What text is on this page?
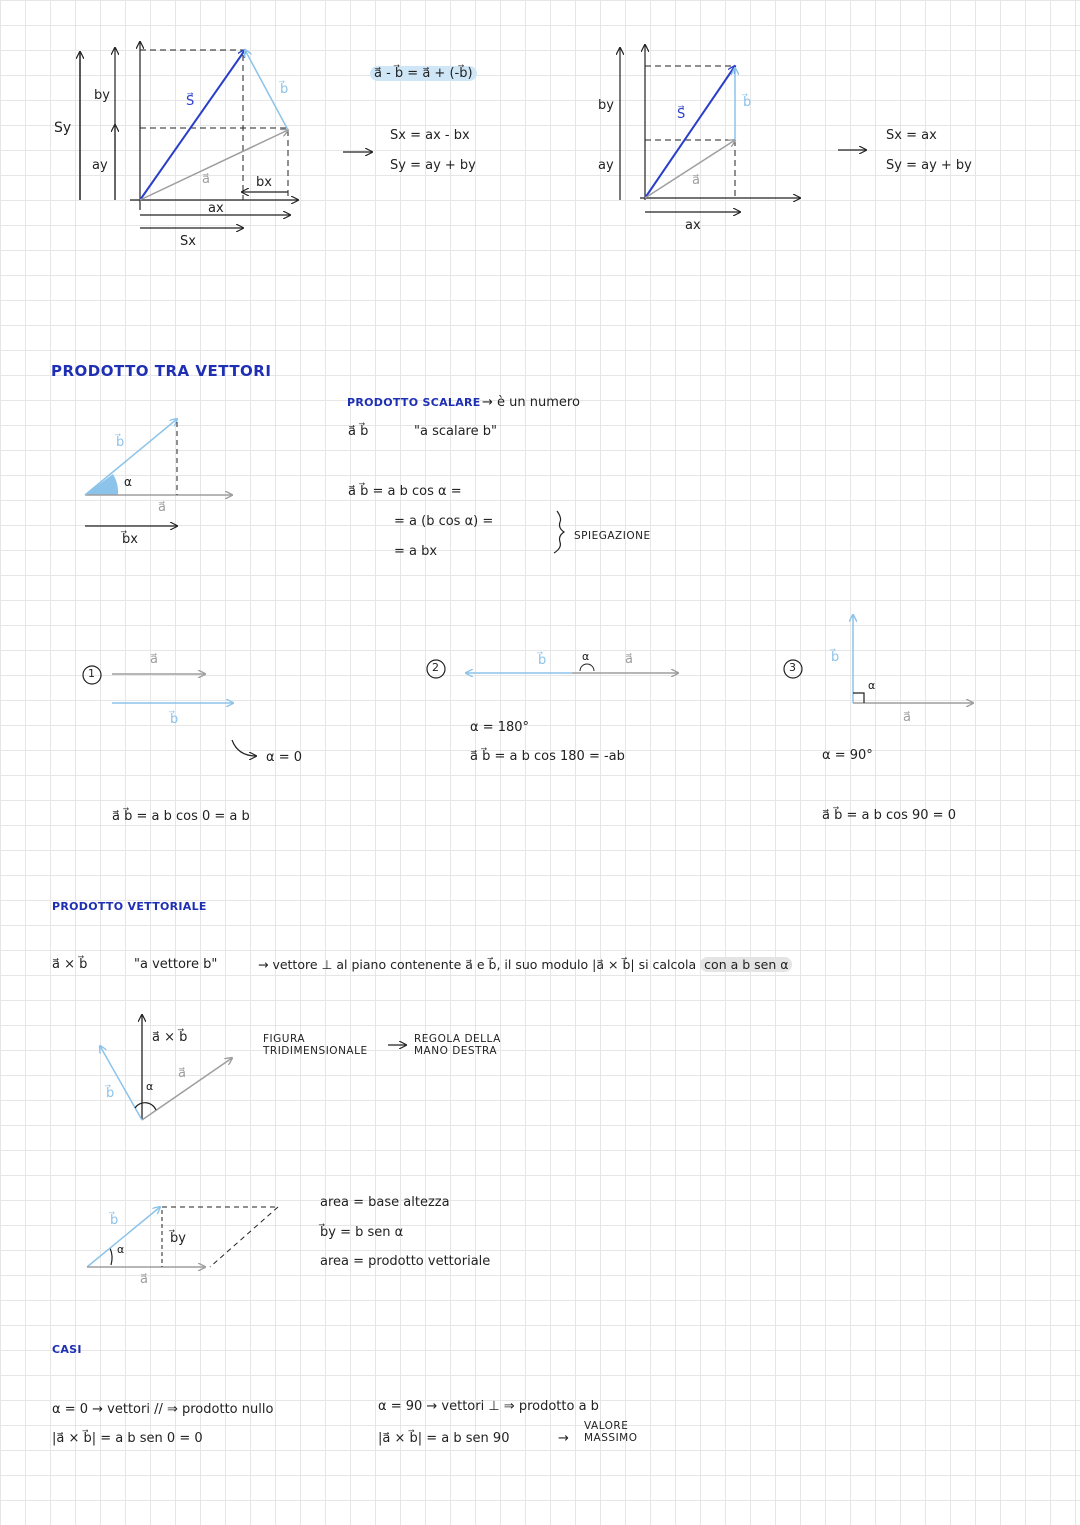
Sy
by
ay
S⃗
b⃗
a⃗
ax
bx
Sx
a⃗ - b⃗ = a⃗ + (-b⃗)
Sx = ax - bx
Sy = ay + by
by
ay
S⃗
b⃗
a⃗
ax
Sx = ax
Sy = ay + by
PRODOTTO TRA VETTORI
b⃗
α
a⃗
b⃗x
PRODOTTO SCALARE → è un numero
a⃗ b⃗	"a scalare b"
a⃗ b⃗ = a b cos α =
= a (b cos α) =
= a bx
SPIEGAZIONE
1
a⃗
b⃗
α = 0
a⃗ b⃗ = a b cos 0 = a b
2	b⃗	α	a⃗
α = 180°
a⃗ b⃗ = a b cos 180 = -ab
3
b⃗
α
a⃗
α = 90°
a⃗ b⃗ = a b cos 90 = 0
PRODOTTO VETTORIALE
a⃗ × b⃗	"a vettore b"	→ vettore ⊥ al piano contenente a⃗ e b⃗, il suo modulo |a⃗ × b⃗| si calcola con a b sen α
a⃗ × b⃗
a⃗
b⃗	α
FIGURA
TRIDIMENSIONALE
REGOLA DELLA
MANO DESTRA
b⃗
b⃗y
α
a⃗
area = base altezza
b⃗y = b sen α
area = prodotto vettoriale
CASI
α = 0 → vettori // ⇒ prodotto nullo
|a⃗ × b⃗| = a b sen 0 = 0
α = 90 → vettori ⊥ ⇒ prodotto a b
|a⃗ × b⃗| = a b sen 90	→
VALORE
MASSIMO
